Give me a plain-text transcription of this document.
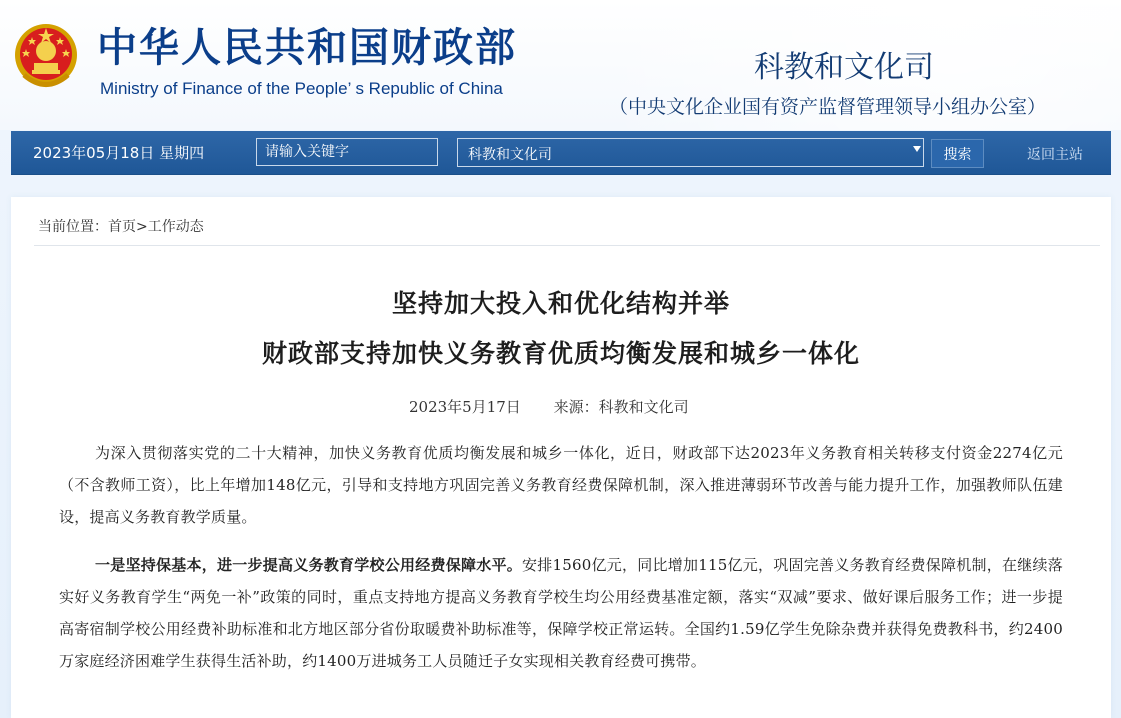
中华人民共和国财政部
Ministry of Finance of the People’ s Republic of China
科教和文化司
（中央文化企业国有资产监督管理领导小组办公室）
2023年05月18日 星期四
请输入关键字	科教和文化司	搜索	返回主站
当前位置：首页>工作动态
坚持加大投入和优化结构并举
财政部支持加快义务教育优质均衡发展和城乡一体化
2023年5月17日 来源：科教和文化司
为深入贯彻落实党的二十大精神，加快义务教育优质均衡发展和城乡一体化，近日，财政部下达2023年义务教育相关转移支付资金2274亿元（不含教师工资），比上年增加148亿元，引导和支持地方巩固完善义务教育经费保障机制，深入推进薄弱环节改善与能力提升工作，加强教师队伍建设，提高义务教育教学质量。
一是坚持保基本，进一步提高义务教育学校公用经费保障水平。安排1560亿元，同比增加115亿元，巩固完善义务教育经费保障机制，在继续落实好义务教育学生“两免一补”政策的同时，重点支持地方提高义务教育学校生均公用经费基准定额，落实“双减”要求、做好课后服务工作；进一步提高寄宿制学校公用经费补助标准和北方地区部分省份取暖费补助标准等，保障学校正常运转。全国约1.59亿学生免除杂费并获得免费教科书，约2400万家庭经济困难学生获得生活补助，约1400万进城务工人员随迁子女实现相关教育经费可携带。
